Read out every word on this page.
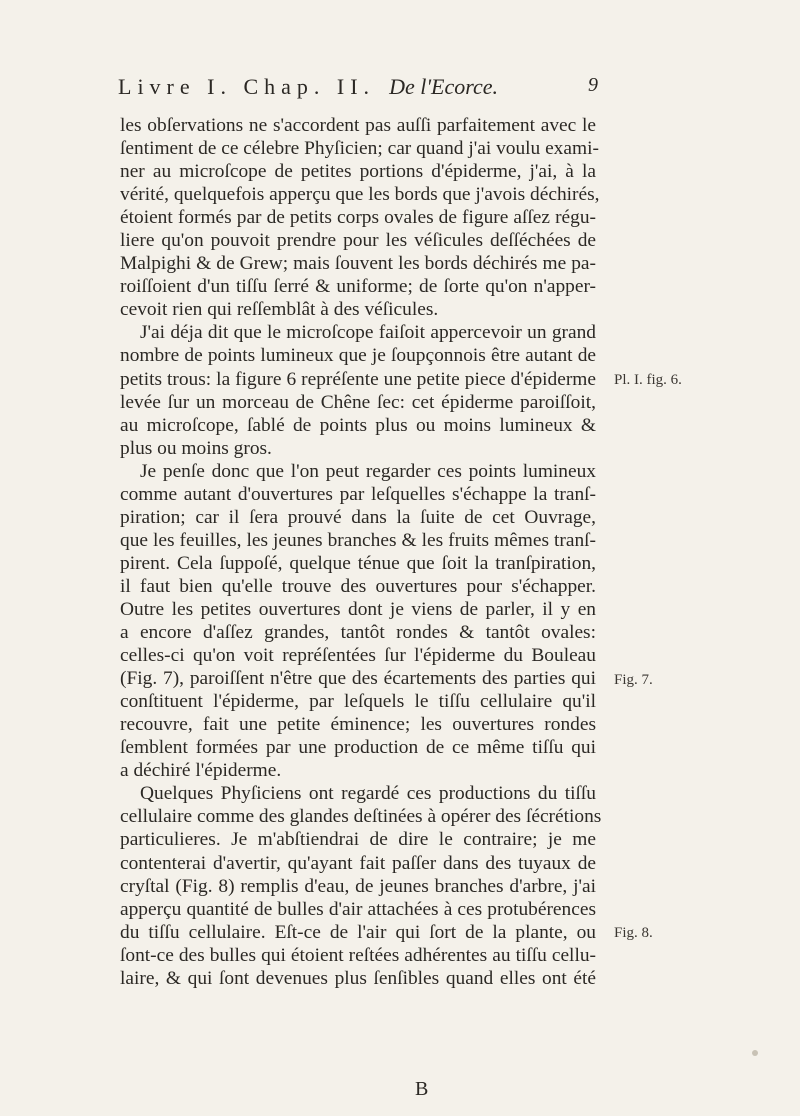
Livre I. Chap. II. De l'Ecorce.	9
les obſervations ne s'accordent pas auſſi parfaitement avec le
ſentiment de ce célebre Phyſicien; car quand j'ai voulu exami-
ner au microſcope de petites portions d'épiderme, j'ai, à la
vérité, quelquefois apperçu que les bords que j'avois déchirés,
étoient formés par de petits corps ovales de figure aſſez régu-
liere qu'on pouvoit prendre pour les véſicules deſſéchées de
Malpighi & de Grew; mais ſouvent les bords déchirés me pa-
roiſſoient d'un tiſſu ſerré & uniforme; de ſorte qu'on n'apper-
cevoit rien qui reſſemblât à des véſicules.
J'ai déja dit que le microſcope faiſoit appercevoir un grand
nombre de points lumineux que je ſoupçonnois être autant de
petits trous: la figure 6 repréſente une petite piece d'épiderme
levée ſur un morceau de Chêne ſec: cet épiderme paroiſſoit,
au microſcope, ſablé de points plus ou moins lumineux &
plus ou moins gros.
Je penſe donc que l'on peut regarder ces points lumineux
comme autant d'ouvertures par leſquelles s'échappe la tranſ-
piration; car il ſera prouvé dans la ſuite de cet Ouvrage,
que les feuilles, les jeunes branches & les fruits mêmes tranſ-
pirent. Cela ſuppoſé, quelque ténue que ſoit la tranſpiration,
il faut bien qu'elle trouve des ouvertures pour s'échapper.
Outre les petites ouvertures dont je viens de parler, il y en
a encore d'aſſez grandes, tantôt rondes & tantôt ovales:
celles-ci qu'on voit repréſentées ſur l'épiderme du Bouleau
(Fig. 7), paroiſſent n'être que des écartements des parties qui
conſtituent l'épiderme, par leſquels le tiſſu cellulaire qu'il
recouvre, fait une petite éminence; les ouvertures rondes
ſemblent formées par une production de ce même tiſſu qui
a déchiré l'épiderme.
Quelques Phyſiciens ont regardé ces productions du tiſſu
cellulaire comme des glandes deſtinées à opérer des ſécrétions
particulieres. Je m'abſtiendrai de dire le contraire; je me
contenterai d'avertir, qu'ayant fait paſſer dans des tuyaux de
cryſtal (Fig. 8) remplis d'eau, de jeunes branches d'arbre, j'ai
apperçu quantité de bulles d'air attachées à ces protubérences
du tiſſu cellulaire. Eſt-ce de l'air qui ſort de la plante, ou
ſont-ce des bulles qui étoient reſtées adhérentes au tiſſu cellu-
laire, & qui ſont devenues plus ſenſibles quand elles ont été
Pl. I. fig. 6.
Fig. 7.
Fig. 8.
B
